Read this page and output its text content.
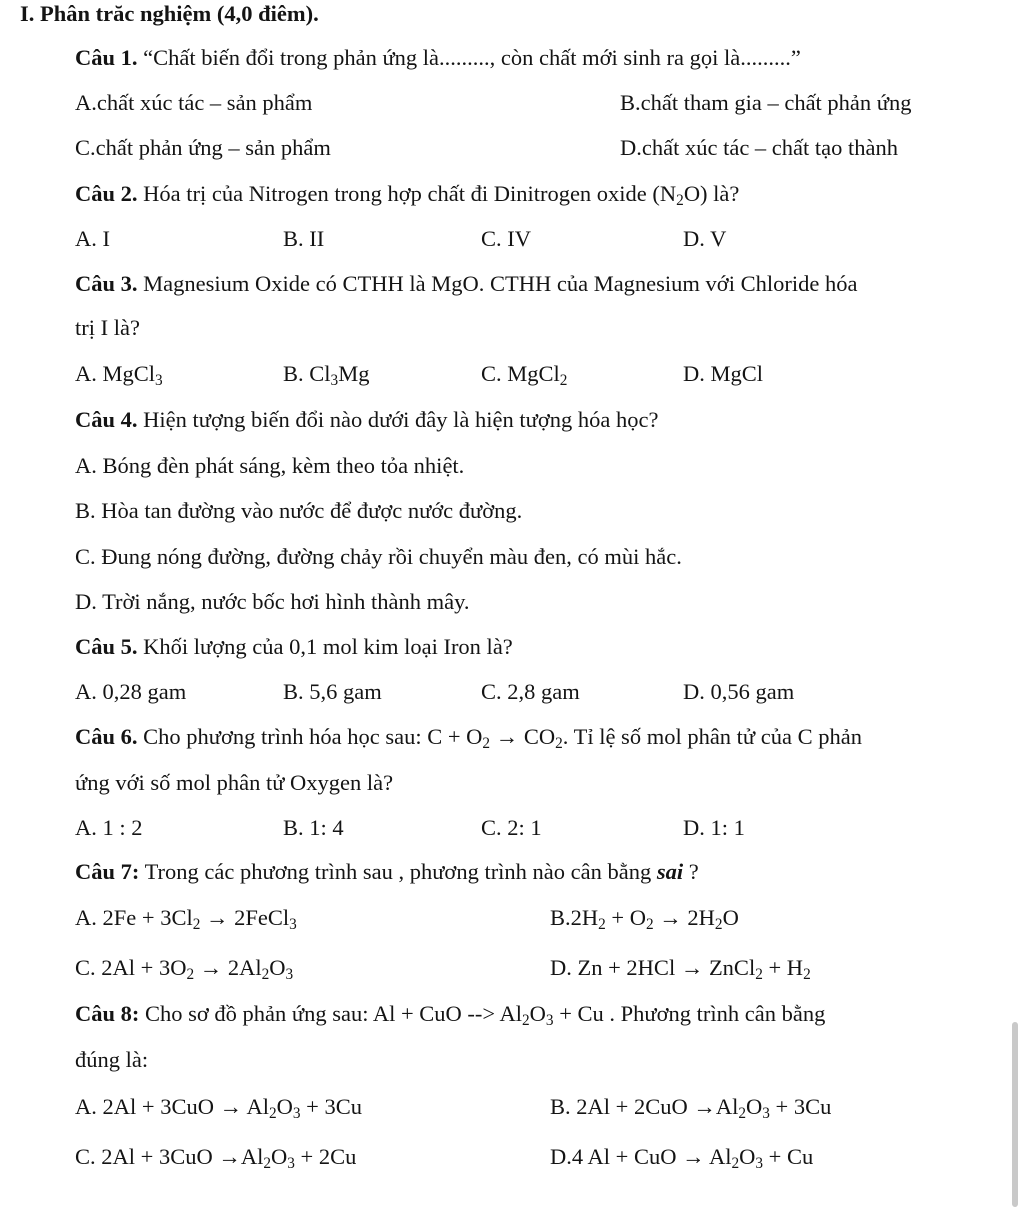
I. Phân trăc nghiệm (4,0 điêm).
Câu 1. “Chất biến đổi trong phản ứng là........., còn chất mới sinh ra gọi là.........”
A.chất xúc tác – sản phẩm	B.chất tham gia – chất phản ứng
C.chất phản ứng – sản phẩm	D.chất xúc tác – chất tạo thành
Câu 2. Hóa trị của Nitrogen trong hợp chất đi Dinitrogen oxide $(N_2O)$ là?
A. I	B. II	C. IV	D. V
Câu 3. Magnesium Oxide có CTHH là MgO. CTHH của Magnesium với Chloride hóa
trị I là?
A. MgCl$_3$	B. $Cl_3Mg$	C. MgCl$_2$	D. MgCl
Câu 4. Hiện tượng biến đổi nào dưới đây là hiện tượng hóa học?
A. Bóng đèn phát sáng, kèm theo tỏa nhiệt.
B. Hòa tan đường vào nước để được nước đường.
C. Đung nóng đường, đường chảy rồi chuyển màu đen, có mùi hắc.
D. Trời nắng, nước bốc hơi hình thành mây.
Câu 5. Khối lượng của 0,1 mol kim loại Iron là?
A. 0,28 gam	B. 5,6 gam	C. 2,8 gam	D. 0,56 gam
Câu 6. Cho phương trình hóa học sau: $C + O_2 \to CO_2$. Tỉ lệ số mol phân tử của C phản
ứng với số mol phân tử Oxygen là?
A. 1 : 2	B. 1: 4	C. 2: 1	D. 1: 1
Câu 7: Trong các phương trình sau , phương trình nào cân bằng sai ?
A. $2Fe + 3Cl_2$ → 2FeCl$_3$	$B.2H_2 + O_2 \to 2H_2O$
C. $2Al + 3O_2 \to 2Al_2O_3$	D. Zn + 2HCl → ZnCl$_2$ + $H_2$
Câu 8: Cho sơ đồ phản ứng sau: Al + CuO --> $Al_2O_3 + Cu$ . Phương trình cân bằng
đúng là:
A. $2Al + 3CuO \to Al_2O_3 + 3Cu$	B. $2Al + 2CuO \to Al_2O_3 + 3Cu$
C. $2Al + 3CuO \to Al_2O_3 + 2Cu$	D.4 Al + CuO → $Al_2O_3 + Cu$
